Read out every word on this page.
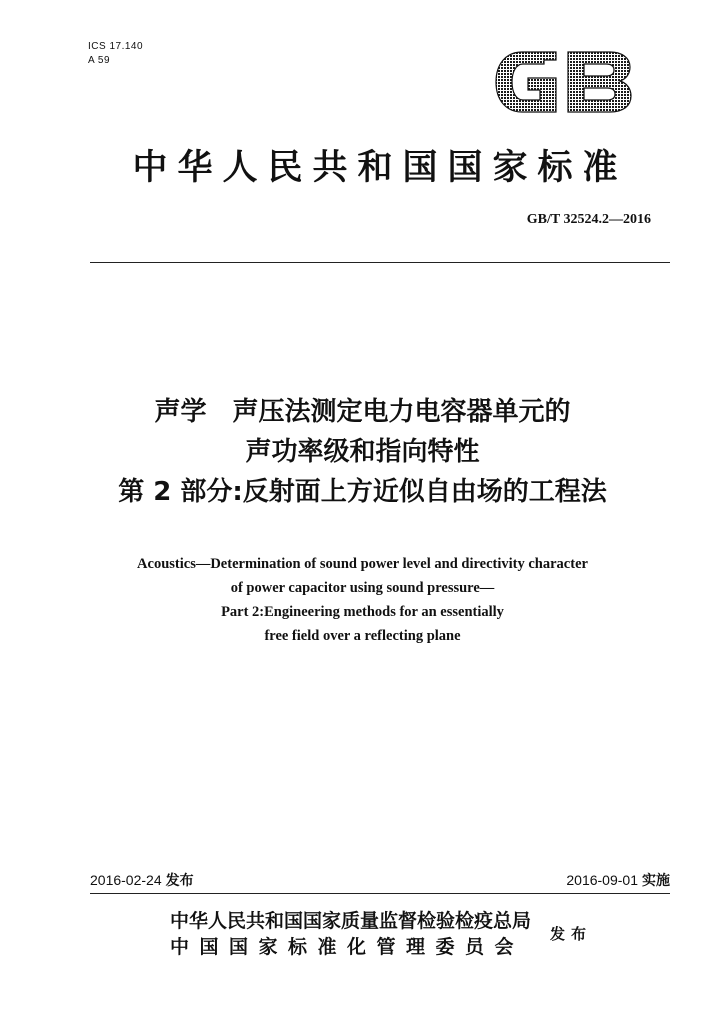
ICS 17.140
A 59
中华人民共和国国家标准
GB/T 32524.2—2016
声学　声压法测定电力电容器单元的
声功率级和指向特性
第 2 部分:反射面上方近似自由场的工程法
Acoustics—Determination of sound power level and directivity character
of power capacitor using sound pressure—
Part 2:Engineering methods for an essentially
free field over a reflecting plane
2016-02-24 发布	2016-09-01 实施
中华人民共和国国家质量监督检验检疫总局
中国国家标准化管理委员会
发布
